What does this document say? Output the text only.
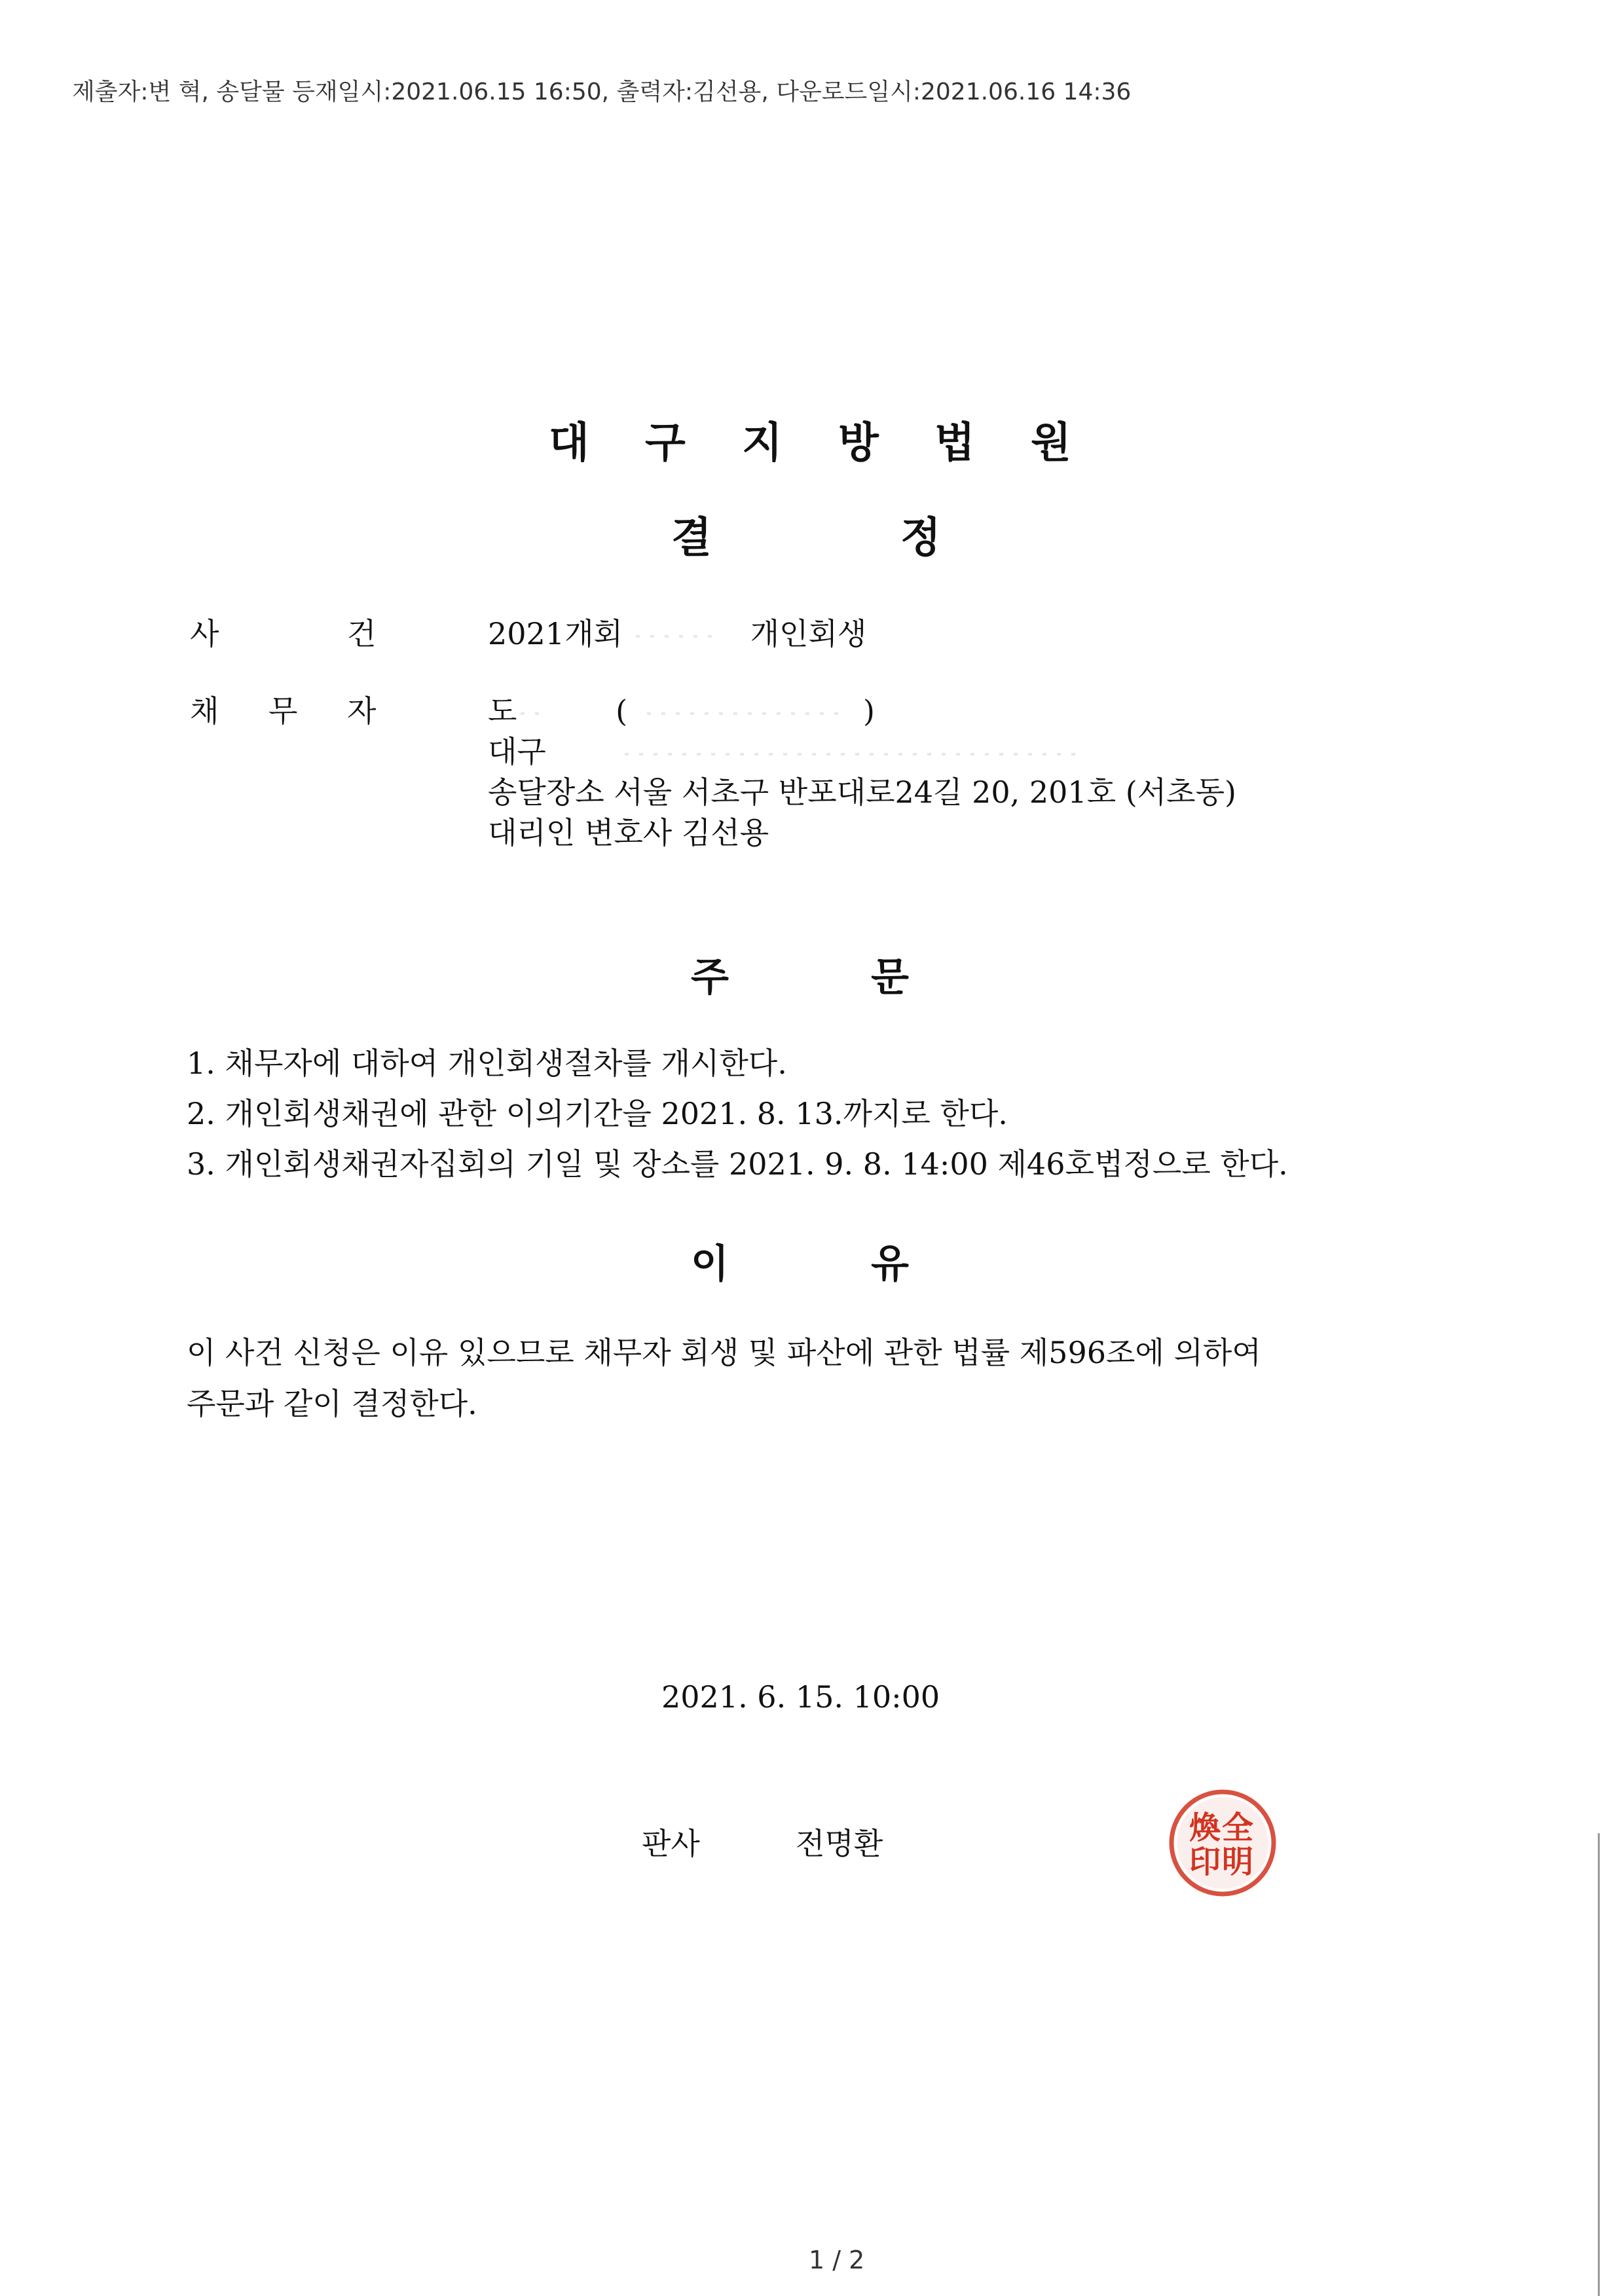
제출자:변 혁, 송달물 등재일시:2021.06.15 16:50, 출력자:김선용, 다운로드일시:2021.06.16 14:36
대 구 지 방 법 원
결	정
사	건	2021개회	개인회생
채 무 자	도	(	)
대구
송달장소 서울 서초구 반포대로24길 20, 201호 (서초동)
대리인 변호사 김선용
주	문
1. 채무자에 대하여 개인회생절차를 개시한다.
2. 개인회생채권에 관한 이의기간을 2021. 8. 13.까지로 한다.
3. 개인회생채권자집회의 기일 및 장소를 2021. 9. 8. 14:00 제46호법정으로 한다.
이	유
이 사건 신청은 이유 있으므로 채무자 회생 및 파산에 관한 법률 제596조에 의하여
주문과 같이 결정한다.
2021. 6. 15. 10:00
판사	전명환	全
明
煥
印
1 / 2
